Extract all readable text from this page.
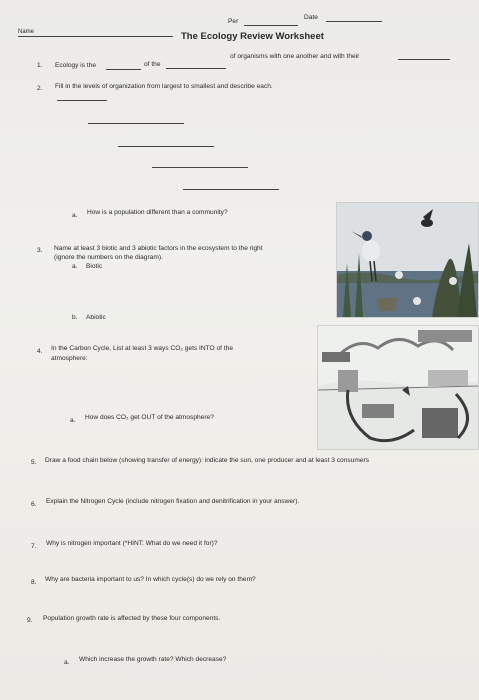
Name
Per
Date
The Ecology Review Worksheet
1. Ecology is the	of the
of organisms with one another and with their
2. Fill in the levels of organization from largest to smallest and describe each.
a. How is a population different than a community?
3. Name at least 3 biotic and 3 abiotic factors in the ecosystem to the right
(ignore the numbers on the diagram).
a. Biotic
b. Abiotic
4. In the Carbon Cycle, List at least 3 ways CO₂ gets INTO of the
atmosphere:
a. How does CO₂ get OUT of the atmosphere?
5. Draw a food chain below (showing transfer of energy): indicate the sun, one producer and at least 3 consumers
6. Explain the Nitrogen Cycle (include nitrogen fixation and denitrification in your answer).
7. Why is nitrogen important (*HINT: What do we need it for)?
8. Why are bacteria important to us? In which cycle(s) do we rely on them?
9. Population growth rate is affected by these four components.
a. Which increase the growth rate? Which decrease?
